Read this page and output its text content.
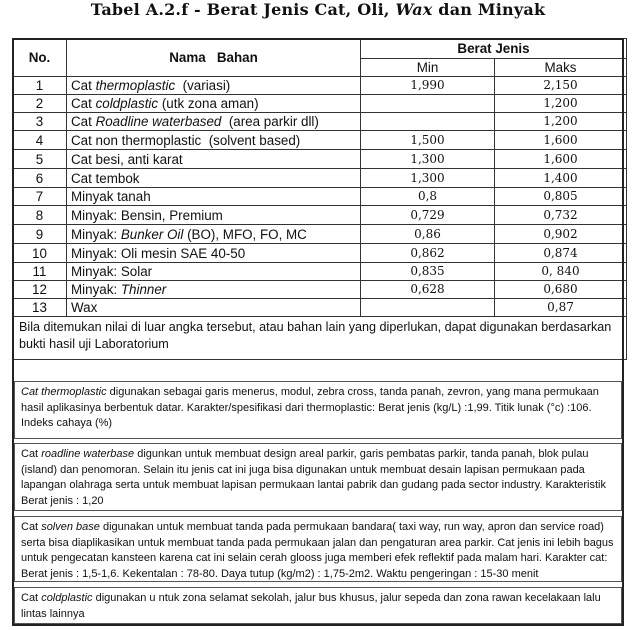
Tabel A.2.f - Berat Jenis Cat, Oli, Wax dan Minyak
No.	Nama   Bahan	Berat Jenis	
		Min	Maks
1	Cat thermoplastic  (variasi)	1,990	2,150
2	Cat coldplastic (utk zona aman)		1,200
3	Cat Roadline waterbased  (area parkir dll)		1,200
4	Cat non thermoplastic  (solvent based)	1,500	1,600
5	Cat besi, anti karat	1,300	1,600
6	Cat tembok	1,300	1,400
7	Minyak tanah	0,8	0,805
8	Minyak: Bensin, Premium	0,729	0,732
9	Minyak: Bunker Oil (BO), MFO, FO, MC	0,86	0,902
10	Minyak: Oli mesin SAE 40-50	0,862	0,874
11	Minyak: Solar	0,835	0, 840
12	Minyak: Thinner	0,628	0,680
13	Wax		0,87
Bila ditemukan nilai di luar angka tersebut, atau bahan lain yang diperlukan, dapat digunakan berdasarkan bukti hasil uji Laboratorium			
Cat thermoplastic digunakan sebagai garis menerus, modul, zebra cross, tanda panah, zevron, yang mana permukaan hasil aplikasinya berbentuk datar. Karakter/spesifikasi dari thermoplastic: Berat jenis (kg/L) :1,99. Titik lunak (°c) :106. Indeks cahaya (%)
Cat roadline waterbase digunkan untuk membuat design areal parkir, garis pembatas parkir, tanda panah, blok pulau (island) dan penomoran. Selain itu jenis cat ini juga bisa digunakan untuk membuat desain lapisan permukaan pada lapangan olahraga serta untuk membuat lapisan permukaan lantai pabrik dan gudang pada sector industry. Karakteristik Berat jenis : 1,20
Cat solven base digunakan untuk membuat tanda pada permukaan bandara( taxi way, run way, apron dan service road) serta bisa diaplikasikan untuk membuat tanda pada permukaan jalan dan pengaturan area parkir. Cat jenis ini lebih bagus untuk pengecatan kansteen karena cat ini selain cerah glooss juga memberi efek reflektif pada malam hari. Karakter cat: Berat jenis : 1,5-1,6. Kekentalan : 78-80. Daya tutup (kg/m2) : 1,75-2m2. Waktu pengeringan : 15-30 menit
Cat coldplastic digunakan u ntuk zona selamat sekolah, jalur bus khusus, jalur sepeda dan zona rawan kecelakaan lalu lintas lainnya
